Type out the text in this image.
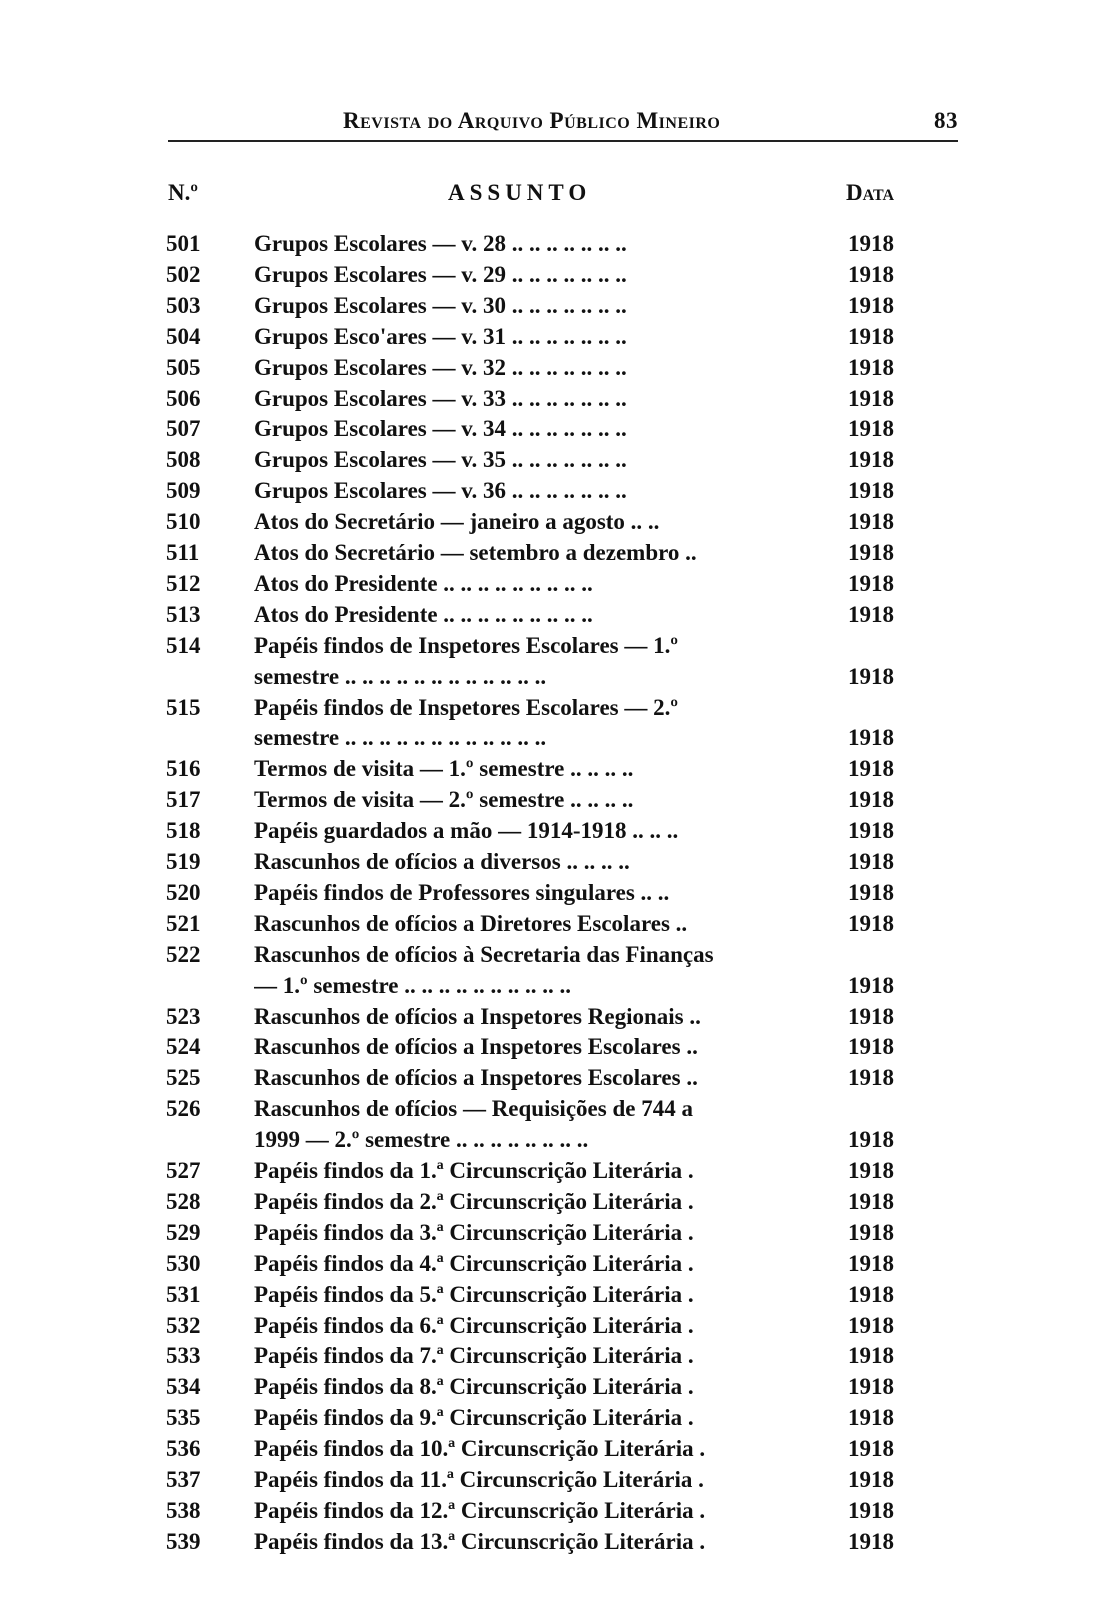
Revista do Arquivo Público Mineiro	83
N.º	ASSUNTO	Data
501	Grupos Escolares — v. 28 .. .. .. .. .. .. ..	1918
502	Grupos Escolares — v. 29 .. .. .. .. .. .. ..	1918
503	Grupos Escolares — v. 30 .. .. .. .. .. .. ..	1918
504	Grupos Esco'ares — v. 31 .. .. .. .. .. .. ..	1918
505	Grupos Escolares — v. 32 .. .. .. .. .. .. ..	1918
506	Grupos Escolares — v. 33 .. .. .. .. .. .. ..	1918
507	Grupos Escolares — v. 34 .. .. .. .. .. .. ..	1918
508	Grupos Escolares — v. 35 .. .. .. .. .. .. ..	1918
509	Grupos Escolares — v. 36 .. .. .. .. .. .. ..	1918
510	Atos do Secretário — janeiro a agosto .. ..	1918
511	Atos do Secretário — setembro a dezembro ..	1918
512	Atos do Presidente .. .. .. .. .. .. .. .. ..	1918
513	Atos do Presidente .. .. .. .. .. .. .. .. ..	1918
514	Papéis findos de Inspetores Escolares — 1.º
semestre .. .. .. .. .. .. .. .. .. .. .. ..	1918
515	Papéis findos de Inspetores Escolares — 2.º
semestre .. .. .. .. .. .. .. .. .. .. .. ..	1918
516	Termos de visita — 1.º semestre .. .. .. ..	1918
517	Termos de visita — 2.º semestre .. .. .. ..	1918
518	Papéis guardados a mão — 1914-1918 .. .. ..	1918
519	Rascunhos de ofícios a diversos .. .. .. ..	1918
520	Papéis findos de Professores singulares .. ..	1918
521	Rascunhos de ofícios a Diretores Escolares ..	1918
522	Rascunhos de ofícios à Secretaria das Finanças
— 1.º semestre .. .. .. .. .. .. .. .. .. ..	1918
523	Rascunhos de ofícios a Inspetores Regionais ..	1918
524	Rascunhos de ofícios a Inspetores Escolares ..	1918
525	Rascunhos de ofícios a Inspetores Escolares ..	1918
526	Rascunhos de ofícios — Requisições de 744 a
1999 — 2.º semestre .. .. .. .. .. .. .. ..	1918
527	Papéis findos da 1.ª Circunscrição Literária .	1918
528	Papéis findos da 2.ª Circunscrição Literária .	1918
529	Papéis findos da 3.ª Circunscrição Literária .	1918
530	Papéis findos da 4.ª Circunscrição Literária .	1918
531	Papéis findos da 5.ª Circunscrição Literária .	1918
532	Papéis findos da 6.ª Circunscrição Literária .	1918
533	Papéis findos da 7.ª Circunscrição Literária .	1918
534	Papéis findos da 8.ª Circunscrição Literária .	1918
535	Papéis findos da 9.ª Circunscrição Literária .	1918
536	Papéis findos da 10.ª Circunscrição Literária .	1918
537	Papéis findos da 11.ª Circunscrição Literária .	1918
538	Papéis findos da 12.ª Circunscrição Literária .	1918
539	Papéis findos da 13.ª Circunscrição Literária .	1918
